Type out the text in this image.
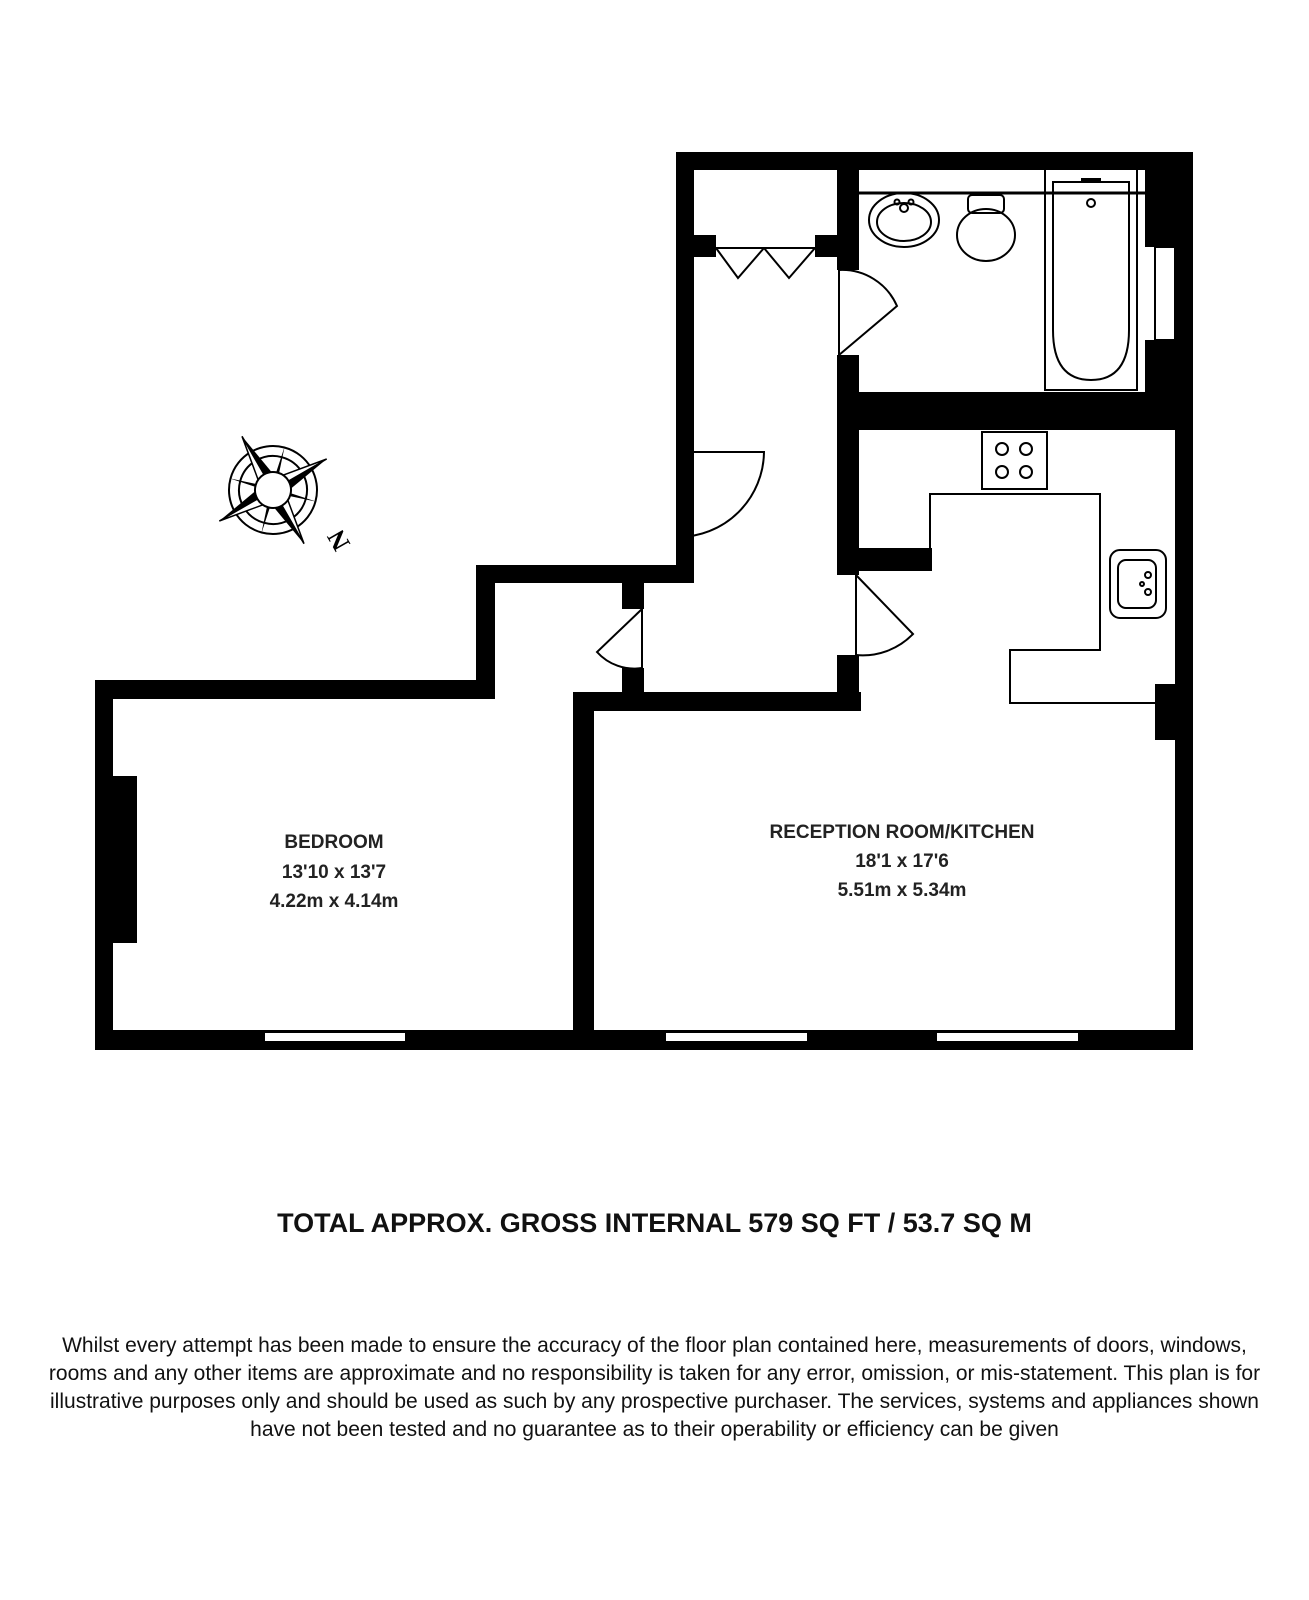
N
BEDROOM
13'10 x 13'7
4.22m x 4.14m
RECEPTION ROOM/KITCHEN
18'1 x 17'6
5.51m x 5.34m
TOTAL APPROX. GROSS INTERNAL 579 SQ FT / 53.7 SQ M
Whilst every attempt has been made to ensure the accuracy of the floor plan contained here, measurements of doors, windows, rooms and any other items are approximate and no responsibility is taken for any error, omission, or mis-statement. This plan is for illustrative purposes only and should be used as such by any prospective purchaser. The services, systems and appliances shown have not been tested and no guarantee as to their operability or efficiency can be given
